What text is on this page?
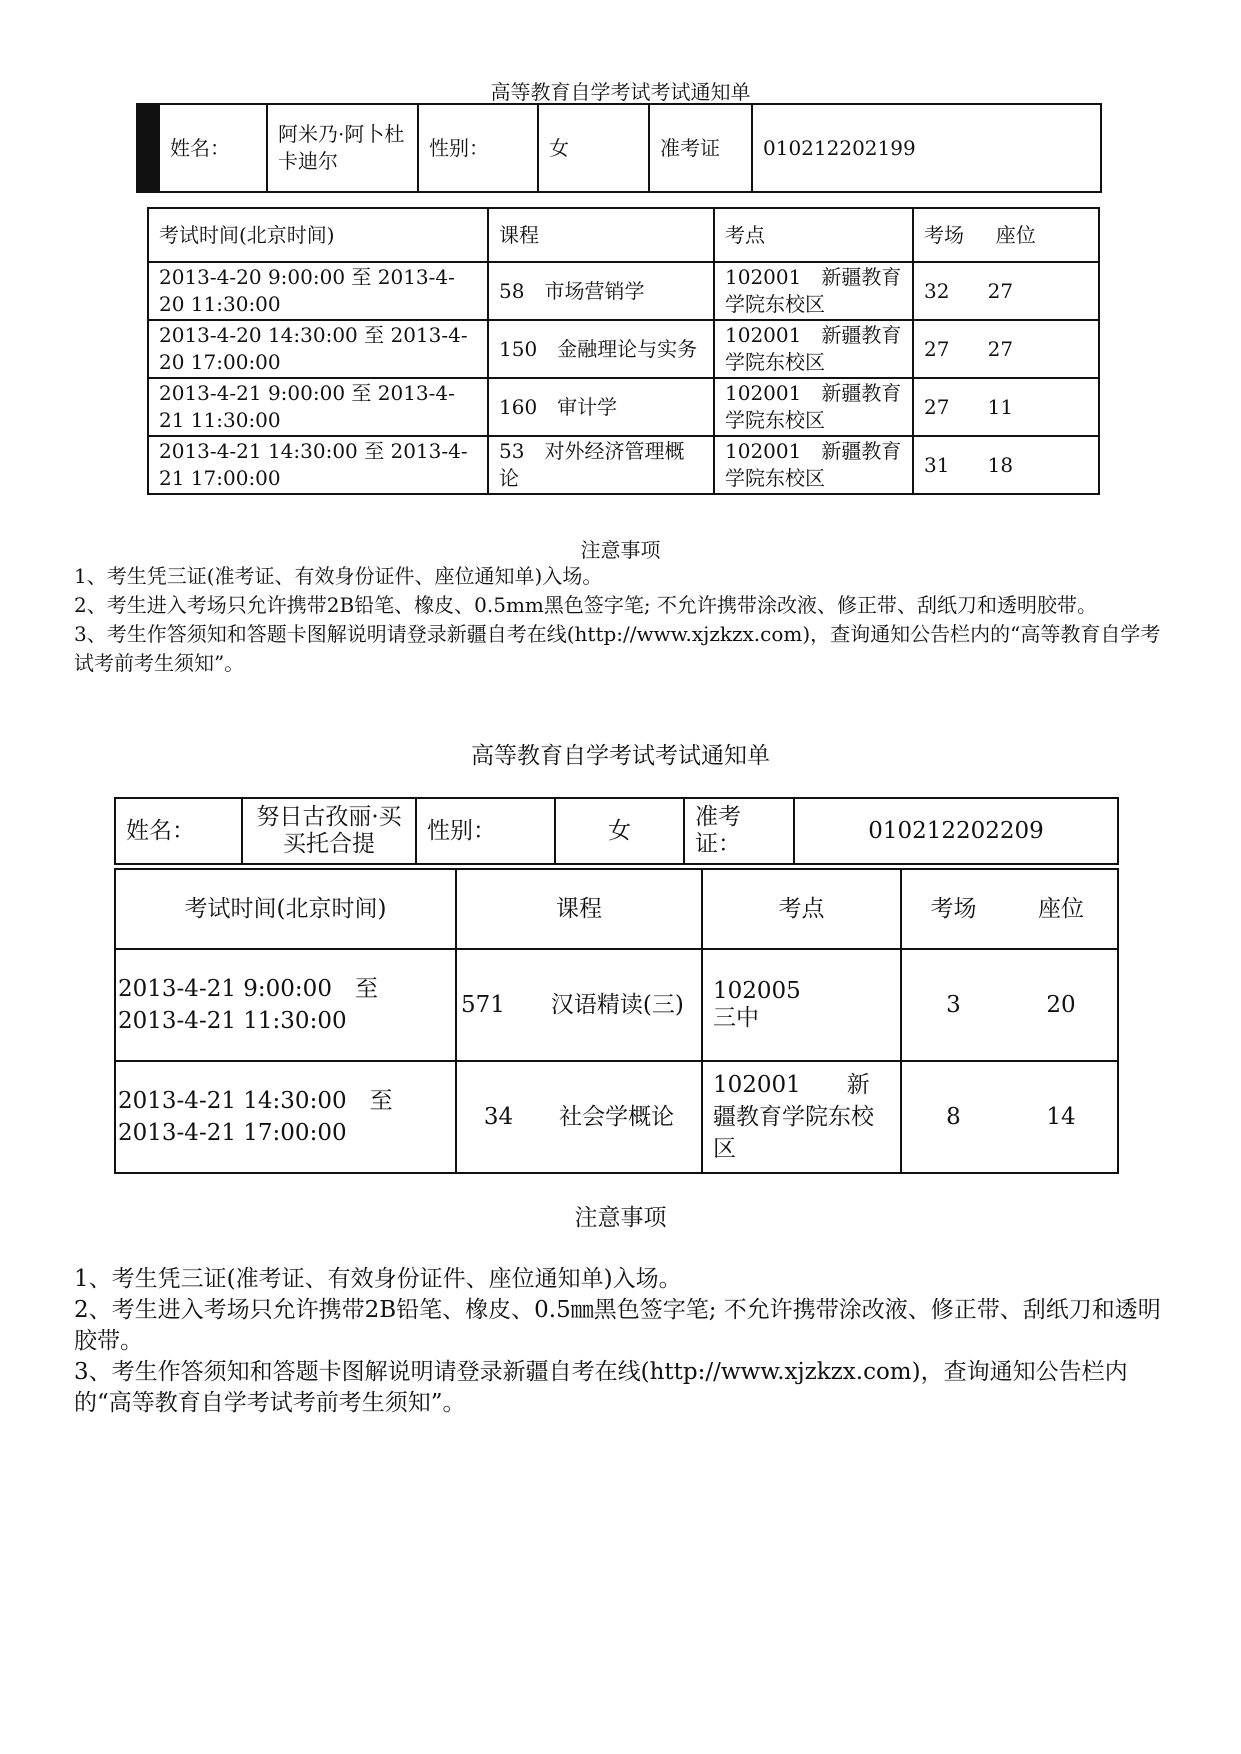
高等教育自学考试考试通知单
	姓名：	阿米乃·阿卜杜卡迪尔	性别：	女	准考证	010212202199
考试时间(北京时间)	课程	考点	考场 座位
2013-4-20 9:00:00 至 2013-4-20 11:30:00	58　市场营销学	102001　新疆教育学院东校区	32 27
2013-4-20 14:30:00 至 2013-4-20 17:00:00	150　金融理论与实务	102001　新疆教育学院东校区	27 27
2013-4-21 9:00:00 至 2013-4-21 11:30:00	160　审计学	102001　新疆教育学院东校区	27 11
2013-4-21 14:30:00 至 2013-4-21 17:00:00	53　对外经济管理概论	102001　新疆教育学院东校区	31 18
注意事项

1、考生凭三证(准考证、有效身份证件、座位通知单)入场。

2、考生进入考场只允许携带2B铅笔、橡皮、0.5mm黑色签字笔; 不允许携带涂改液、修正带、刮纸刀和透明胶带。

3、考生作答须知和答题卡图解说明请登录新疆自考在线(http://www.xjzkzx.com)，查询通知公告栏内的“高等教育自学考试考前考生须知”。

高等教育自学考试考试通知单
姓名：	努日古孜丽·买买托合提	性别：	女	准考证：	010212202209
考试时间(北京时间)	课程	考点	考场	座位
2013-4-21 9:00:00　至 2013-4-21 11:30:00	571　　汉语精读(三)	102005　　　三中	3	20
2013-4-21 14:30:00　至 2013-4-21 17:00:00	34　　社会学概论	102001　　新疆教育学院东校区	8	14
注意事项

1、考生凭三证(准考证、有效身份证件、座位通知单)入场。

2、考生进入考场只允许携带2B铅笔、橡皮、0.5㎜黑色签字笔; 不允许携带涂改液、修正带、刮纸刀和透明胶带。

3、考生作答须知和答题卡图解说明请登录新疆自考在线(http://www.xjzkzx.com)，查询通知公告栏内的“高等教育自学考试考前考生须知”。
